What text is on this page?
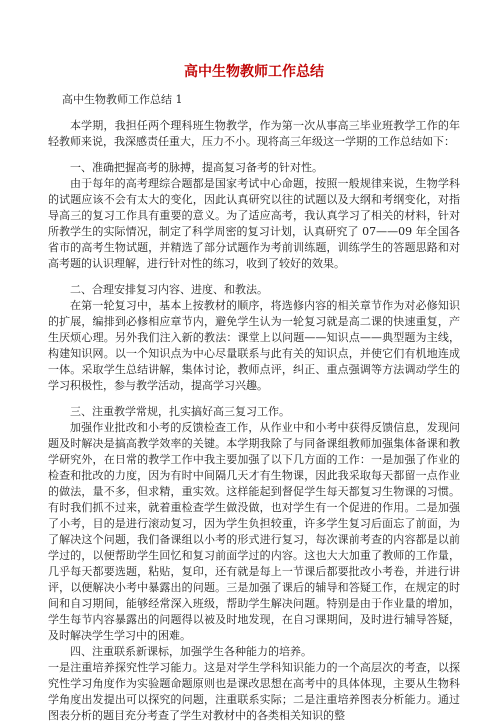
高中生物教师工作总结
高中生物教师工作总结 1

本学期，我担任两个理科班生物教学，作为第一次从事高三毕业班教学工作的年轻教师来说，我深感责任重大，压力不小。现将高三年级这一学期的工作总结如下：

一、准确把握高考的脉搏，提高复习备考的针对性。

由于每年的高考理综合题都是国家考试中心命题，按照一般规律来说，生物学科的试题应该不会有太大的变化，因此认真研究以往的试题以及大纲和考纲变化，对指导高三的复习工作具有重要的意义。为了适应高考，我认真学习了相关的材料，针对所教学生的实际情况，制定了科学周密的复习计划，认真研究了 07——09 年全国各省市的高考生物试题，并精选了部分试题作为考前训练题，训练学生的答题思路和对高考题的认识理解，进行针对性的练习，收到了较好的效果。

二、合理安排复习内容、进度、和教法。

在第一轮复习中，基本上按教材的顺序，将选修内容的相关章节作为对必修知识的扩展，编排到必修相应章节内，避免学生认为一轮复习就是高二课的快速重复，产生厌烦心理。另外我们注入新的教法：课堂上以问题——知识点——典型题为主线，构建知识网。以一个知识点为中心尽量联系与此有关的知识点，并使它们有机地连成一体。采取学生总结讲解，集体讨论，教师点评，纠正、重点强调等方法调动学生的学习积极性，参与教学活动，提高学习兴趣。

三、注重教学常规，扎实搞好高三复习工作。

加强作业批改和小考的反馈检查工作，从作业中和小考中获得反馈信息，发现问题及时解决是搞高教学效率的关键。本学期我除了与同备课组教师加强集体备课和教学研究外，在日常的教学工作中我主要加强了以下几方面的工作：一是加强了作业的检查和批改的力度，因为有时中间隔几天才有生物课，因此我采取每天都留一点作业的做法，量不多，但求精，重实效。这样能起到督促学生每天都复习生物课的习惯。有时我们抓不过来，就着重检查学生做没做，也对学生有一个促进的作用。二是加强了小考，目的是进行滚动复习，因为学生负担较重，许多学生复习后面忘了前面，为了解决这个问题，我们备课组以小考的形式进行复习，每次课前考查的内容都是以前学过的，以便帮助学生回忆和复习前面学过的内容。这也大大加重了教师的工作量，几乎每天都要选题，粘贴，复印，还有就是每上一节课后都要批改小考卷，并进行讲评，以便解决小考中暴露出的问题。三是加强了课后的辅导和答疑工作，在规定的时间和自习期间，能够经常深入班级，帮助学生解决问题。特别是由于作业量的增加，学生每节内容暴露出的问题得以被及时地发现，在自习课期间，及时进行辅导答疑，及时解决学生学习中的困难。

四、注重联系新课标，加强学生各种能力的培养。

一是注重培养探究性学习能力。这是对学生学科知识能力的一个高层次的考查，以探究性学习角度作为实验题命题原则也是课改思想在高考中的具体体现，主要从生物科学角度出发提出可以探究的问题，注重联系实际；二是注重培养图表分析能力。通过图表分析的题目充分考查了学生对教材中的各类相关知识的整
